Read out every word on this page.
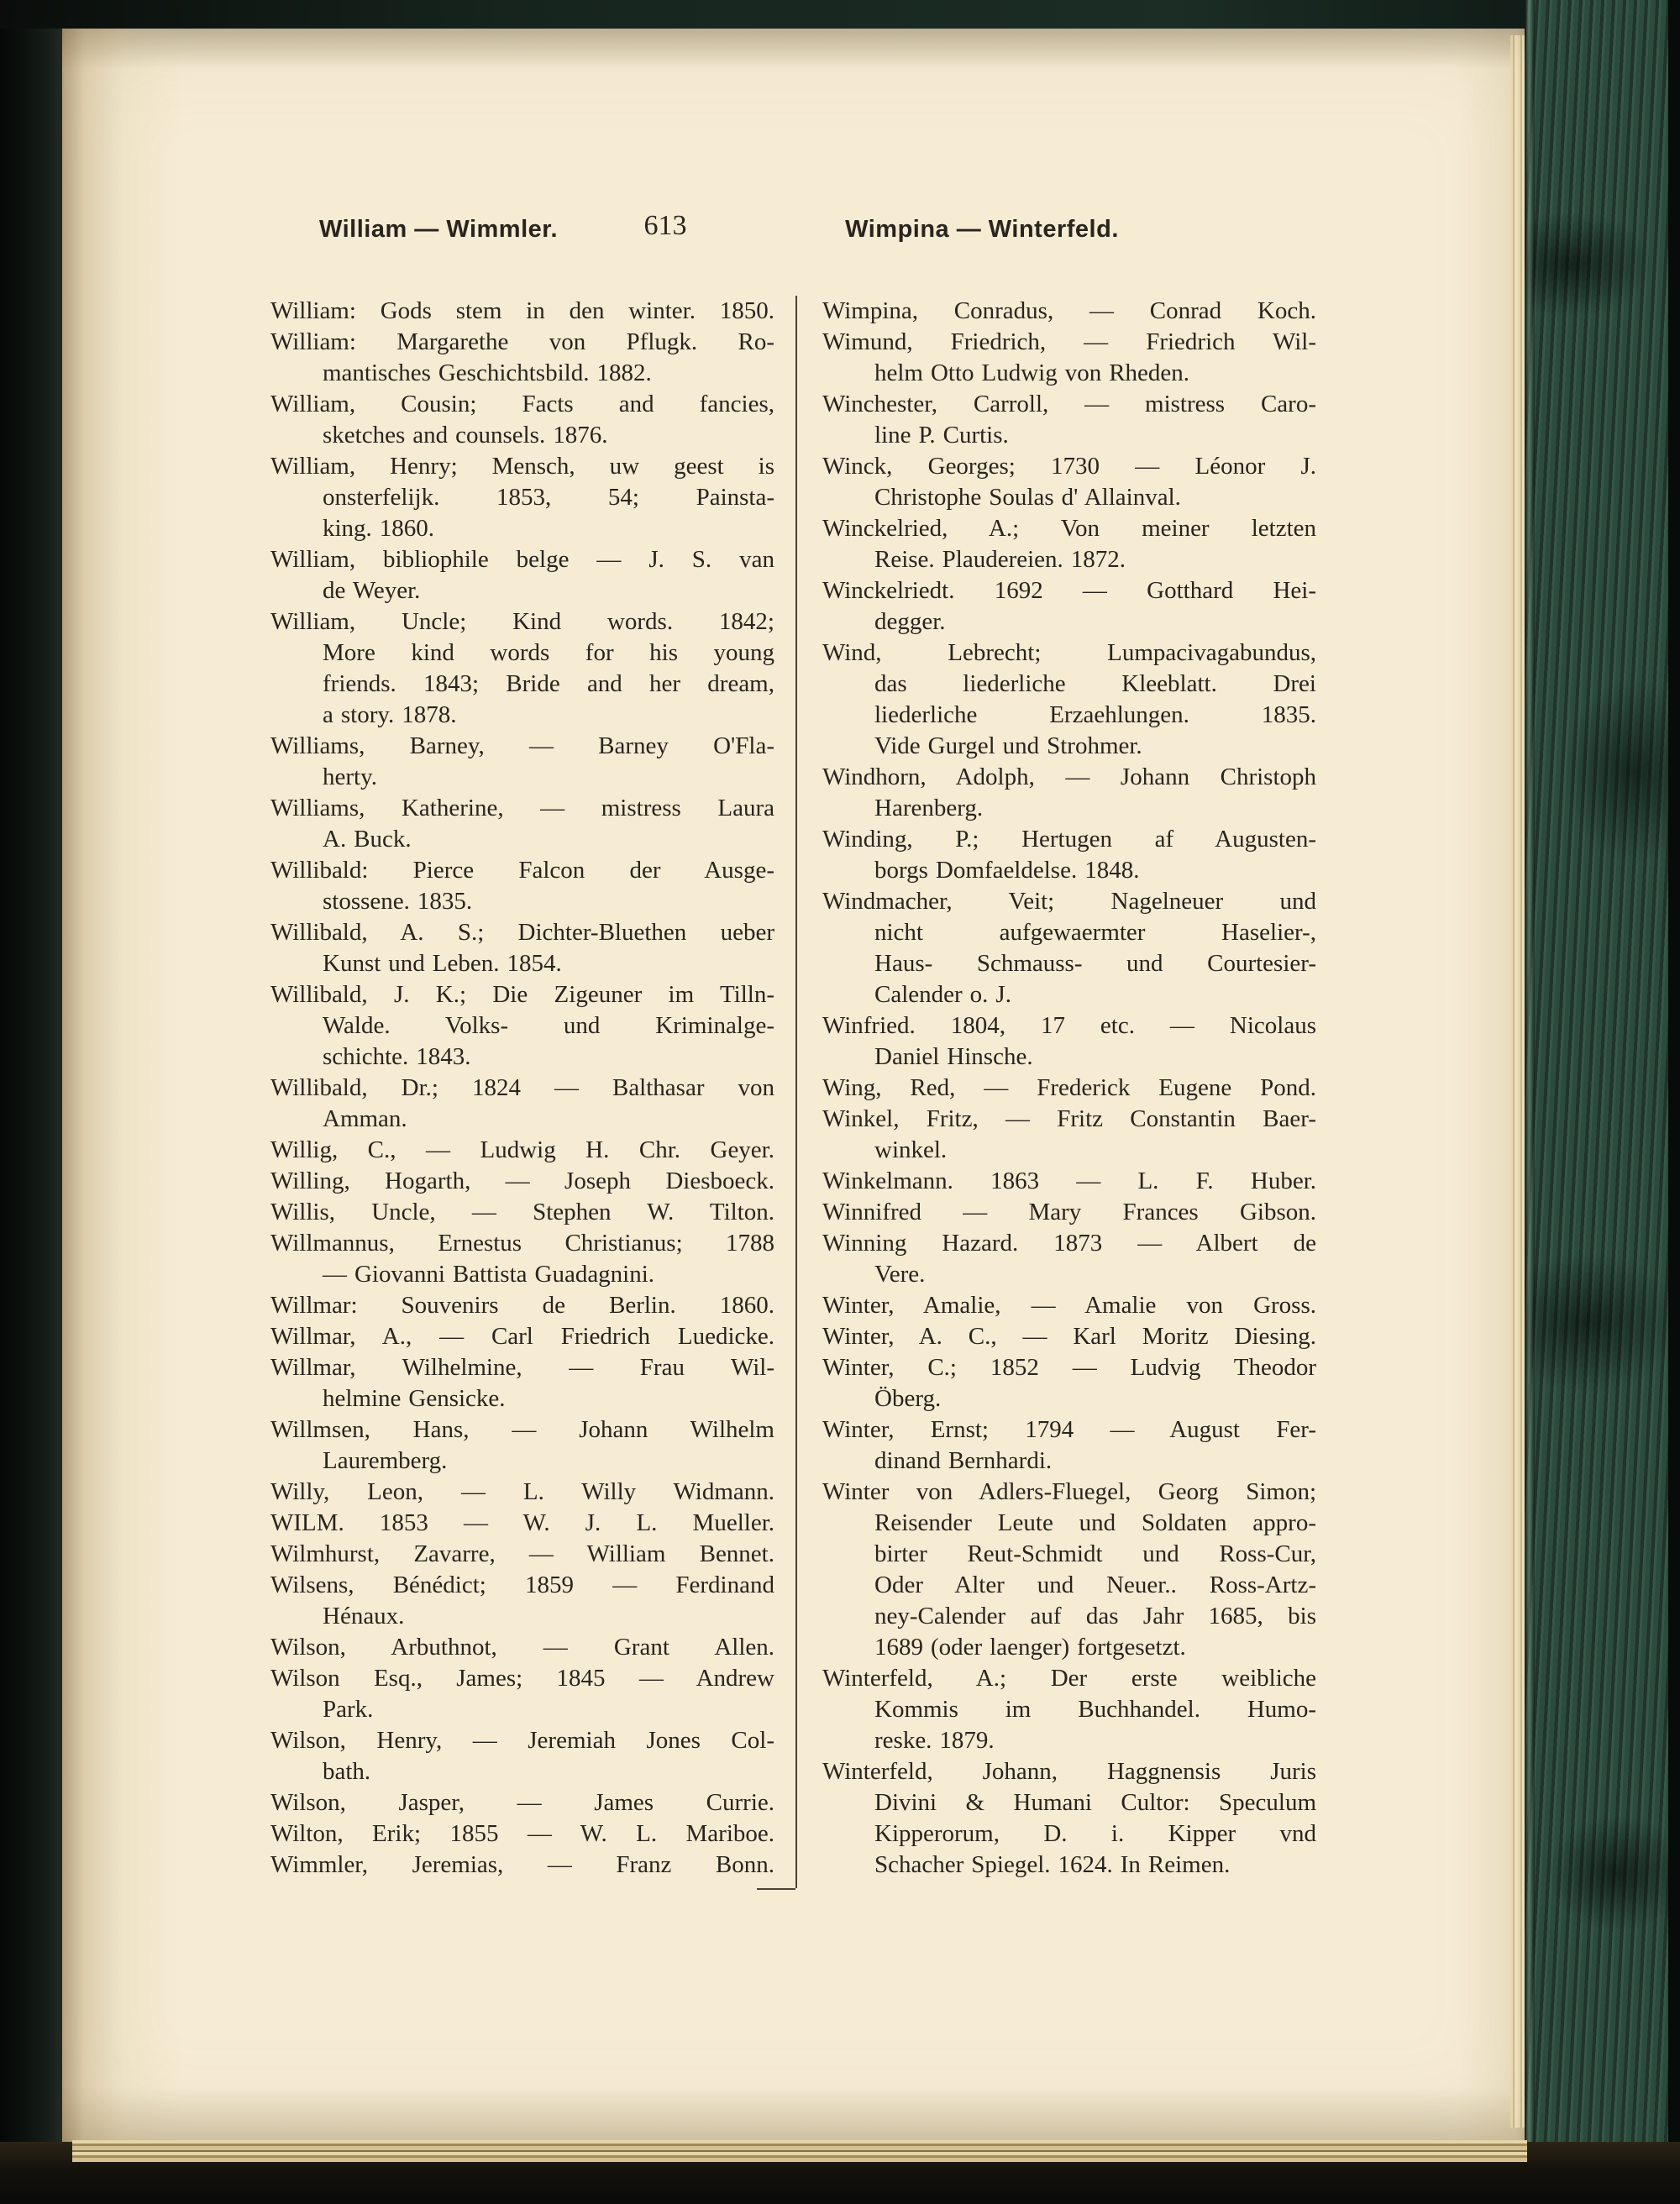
William — Wimmler.	613	Wimpina — Winterfeld.
William: Gods stem in den winter. 1850.
William: Margarethe von Pflugk. Ro-
mantisches Geschichtsbild. 1882.
William, Cousin; Facts and fancies,
sketches and counsels. 1876.
William, Henry; Mensch, uw geest is
onsterfelijk. 1853, 54; Painsta-
king. 1860.
William, bibliophile belge — J. S. van
de Weyer.
William, Uncle; Kind words. 1842;
More kind words for his young
friends. 1843; Bride and her dream,
a story. 1878.
Williams, Barney, — Barney O'Fla-
herty.
Williams, Katherine, — mistress Laura
A. Buck.
Willibald: Pierce Falcon der Ausge-
stossene. 1835.
Willibald, A. S.; Dichter-Bluethen ueber
Kunst und Leben. 1854.
Willibald, J. K.; Die Zigeuner im Tilln-
Walde. Volks- und Kriminalge-
schichte. 1843.
Willibald, Dr.; 1824 — Balthasar von
Amman.
Willig, C., — Ludwig H. Chr. Geyer.
Willing, Hogarth, — Joseph Diesboeck.
Willis, Uncle, — Stephen W. Tilton.
Willmannus, Ernestus Christianus; 1788
— Giovanni Battista Guadagnini.
Willmar: Souvenirs de Berlin. 1860.
Willmar, A., — Carl Friedrich Luedicke.
Willmar, Wilhelmine, — Frau Wil-
helmine Gensicke.
Willmsen, Hans, — Johann Wilhelm
Lauremberg.
Willy, Leon, — L. Willy Widmann.
WILM. 1853 — W. J. L. Mueller.
Wilmhurst, Zavarre, — William Bennet.
Wilsens, Bénédict; 1859 — Ferdinand
Hénaux.
Wilson, Arbuthnot, — Grant Allen.
Wilson Esq., James; 1845 — Andrew
Park.
Wilson, Henry, — Jeremiah Jones Col-
bath.
Wilson, Jasper, — James Currie.
Wilton, Erik; 1855 — W. L. Mariboe.
Wimmler, Jeremias, — Franz Bonn.
Wimpina, Conradus, — Conrad Koch.
Wimund, Friedrich, — Friedrich Wil-
helm Otto Ludwig von Rheden.
Winchester, Carroll, — mistress Caro-
line P. Curtis.
Winck, Georges; 1730 — Léonor J.
Christophe Soulas d' Allainval.
Winckelried, A.; Von meiner letzten
Reise. Plaudereien. 1872.
Winckelriedt. 1692 — Gotthard Hei-
degger.
Wind, Lebrecht; Lumpacivagabundus,
das liederliche Kleeblatt. Drei
liederliche Erzaehlungen. 1835.
Vide Gurgel und Strohmer.
Windhorn, Adolph, — Johann Christoph
Harenberg.
Winding, P.; Hertugen af Augusten-
borgs Domfaeldelse. 1848.
Windmacher, Veit; Nagelneuer und
nicht aufgewaermter Haselier-,
Haus- Schmauss- und Courtesier-
Calender o. J.
Winfried. 1804, 17 etc. — Nicolaus
Daniel Hinsche.
Wing, Red, — Frederick Eugene Pond.
Winkel, Fritz, — Fritz Constantin Baer-
winkel.
Winkelmann. 1863 — L. F. Huber.
Winnifred — Mary Frances Gibson.
Winning Hazard. 1873 — Albert de
Vere.
Winter, Amalie, — Amalie von Gross.
Winter, A. C., — Karl Moritz Diesing.
Winter, C.; 1852 — Ludvig Theodor
Öberg.
Winter, Ernst; 1794 — August Fer-
dinand Bernhardi.
Winter von Adlers-Fluegel, Georg Simon;
Reisender Leute und Soldaten appro-
birter Reut-Schmidt und Ross-Cur,
Oder Alter und Neuer.. Ross-Artz-
ney-Calender auf das Jahr 1685, bis
1689 (oder laenger) fortgesetzt.
Winterfeld, A.; Der erste weibliche
Kommis im Buchhandel. Humo-
reske. 1879.
Winterfeld, Johann, Haggnensis Juris
Divini & Humani Cultor: Speculum
Kipperorum, D. i. Kipper vnd
Schacher Spiegel. 1624. In Reimen.
